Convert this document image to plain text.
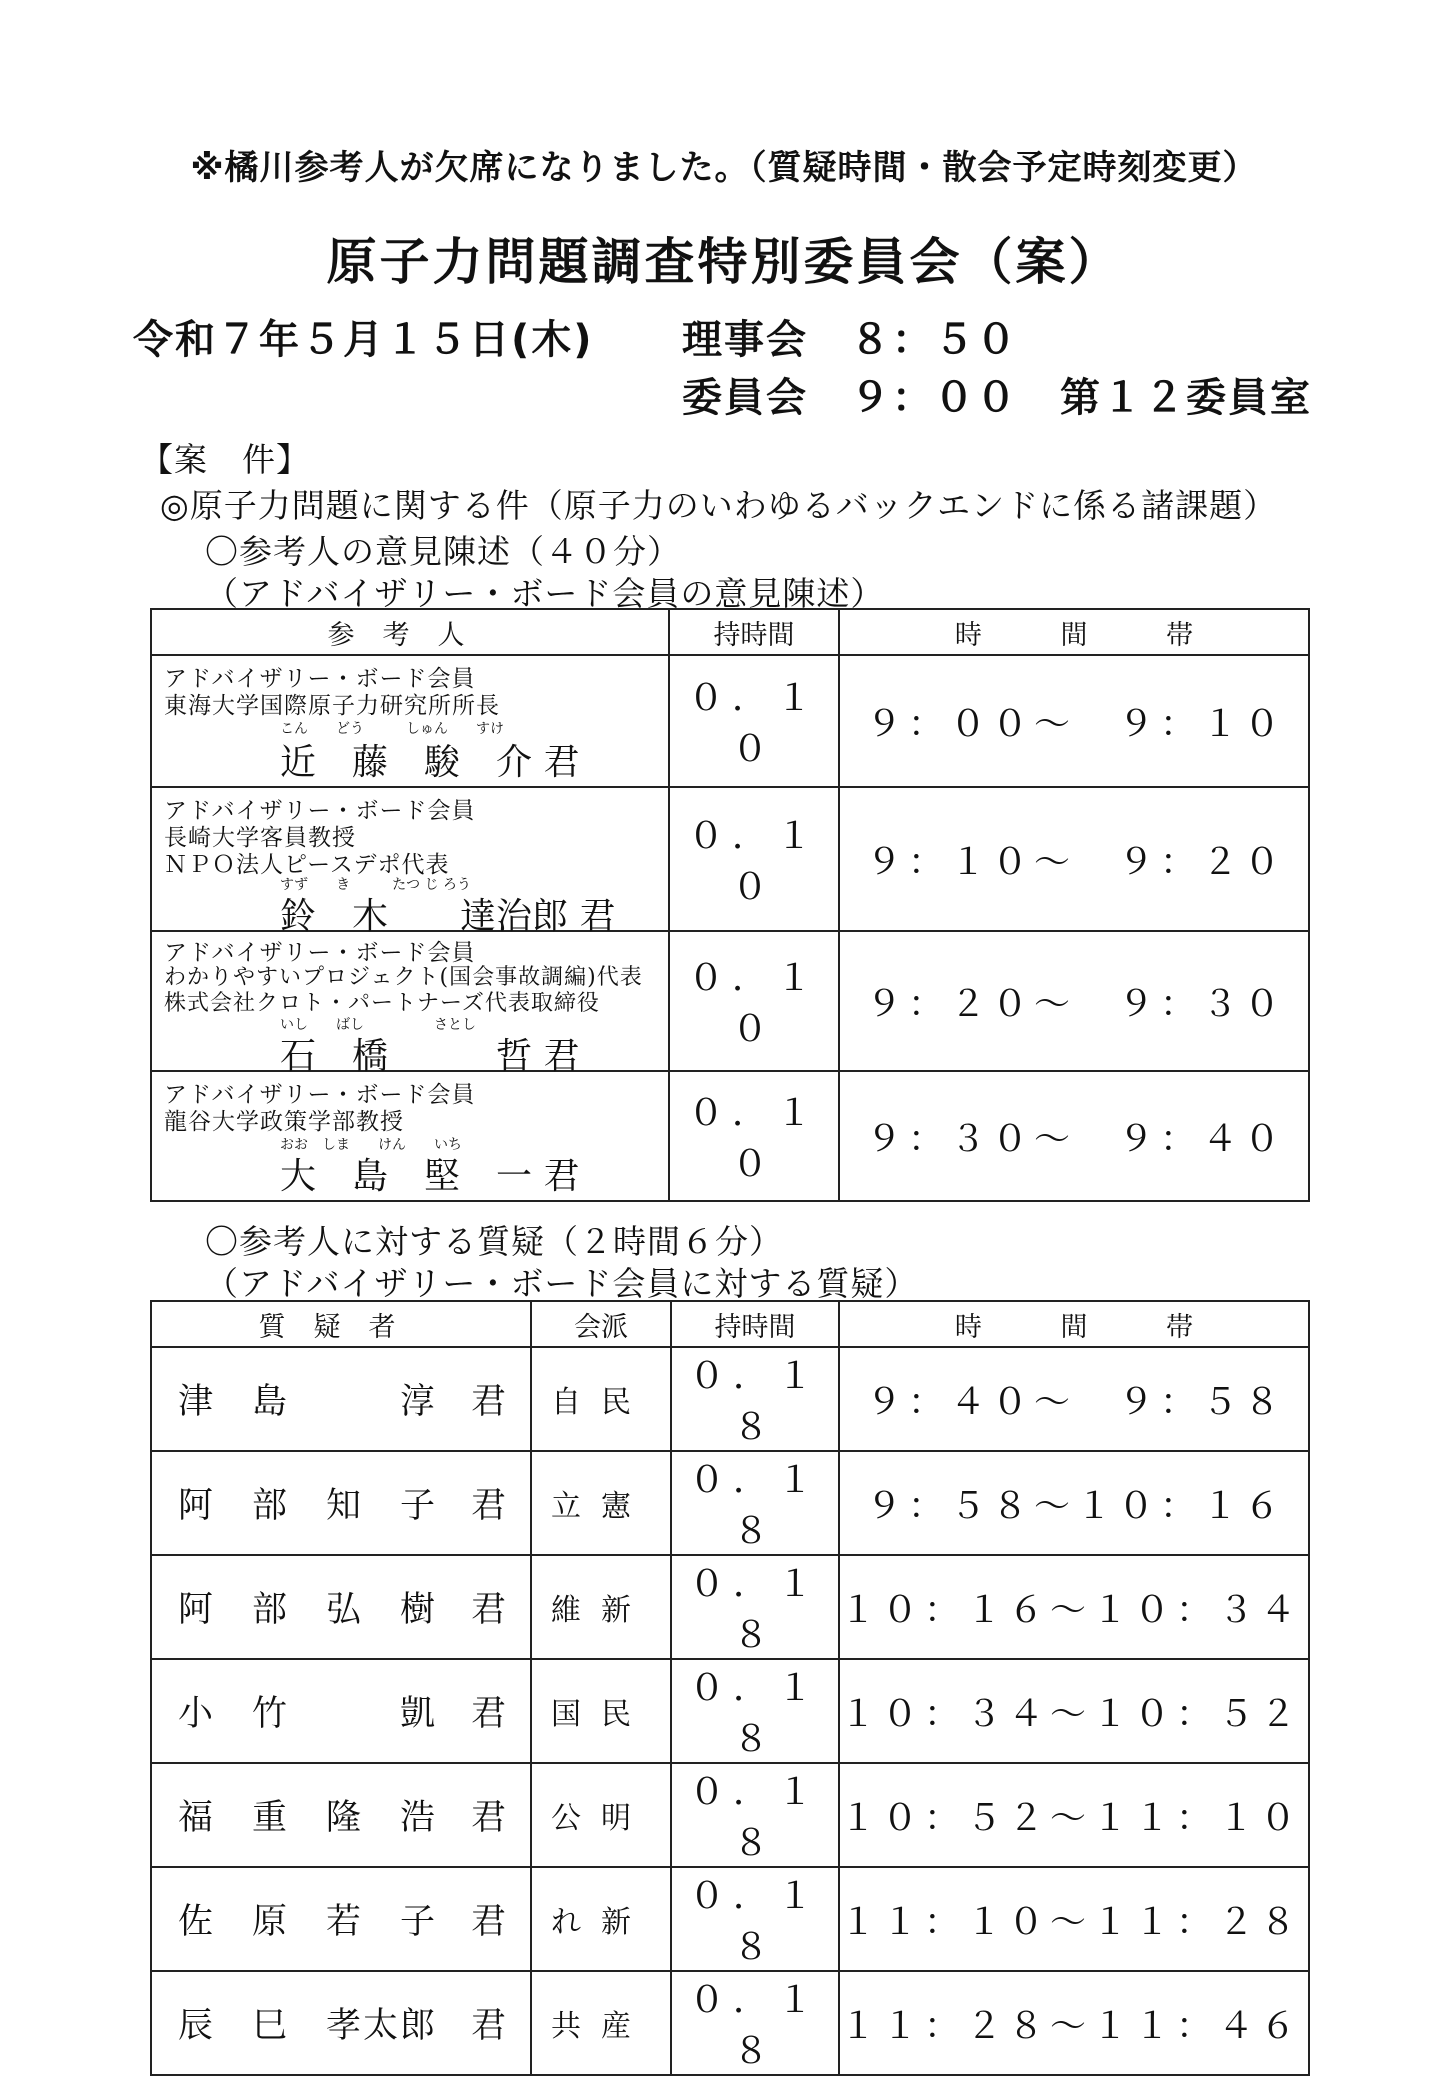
※橘川参考人が欠席になりました。（質疑時間・散会予定時刻変更）
原子力問題調査特別委員会（案）
令和７年５月１５日(木) 理事会　８：５０
委員会　９：００　第１２委員室
【案　件】
◎原子力問題に関する件（原子力のいわゆるバックエンドに係る諸課題）
〇参考人の意見陳述（４０分）
（アドバイザリー・ボード会員の意見陳述）
参考人	持時間	時 間 帯

アドバイザリー・ボード会員
東海大学国際原子力研究所所長
こん　　どう　　　しゅん　　すけ
近　藤　駿　介 君	０．１０	９：００～　９：１０

アドバイザリー・ボード会員
長崎大学客員教授
ＮＰＯ法人ピースデポ代表
すず　　き　　　たつ じ ろう
鈴　木　　達治郎 君	０．１０	９：１０～　９：２０

アドバイザリー・ボード会員
わかりやすいプロジェクト(国会事故調編)代表
株式会社クロト・パートナーズ代表取締役
いし　　ばし　　　　　さとし
石　橋　　　哲 君	０．１０	９：２０～　９：３０

アドバイザリー・ボード会員
龍谷大学政策学部教授
おお　しま　　けん　　いち
大　島　堅　一 君	０．１０	９：３０～　９：４０
〇参考人に対する質疑（２時間６分）
（アドバイザリー・ボード会員に対する質疑）
質疑者	会派	持時間	時 間 帯
津　島　　　淳 君	自民	０．１８	９：４０～　９：５８
阿　部　知　子 君	立憲	０．１８	９：５８～１０：１６
阿　部　弘　樹 君	維新	０．１８	１０：１６～１０：３４
小　竹　　　凱 君	国民	０．１８	１０：３４～１０：５２
福　重　隆　浩 君	公明	０．１８	１０：５２～１１：１０
佐　原　若　子 君	れ新	０．１８	１１：１０～１１：２８
辰　巳　孝太郎 君	共産	０．１８	１１：２８～１１：４６
